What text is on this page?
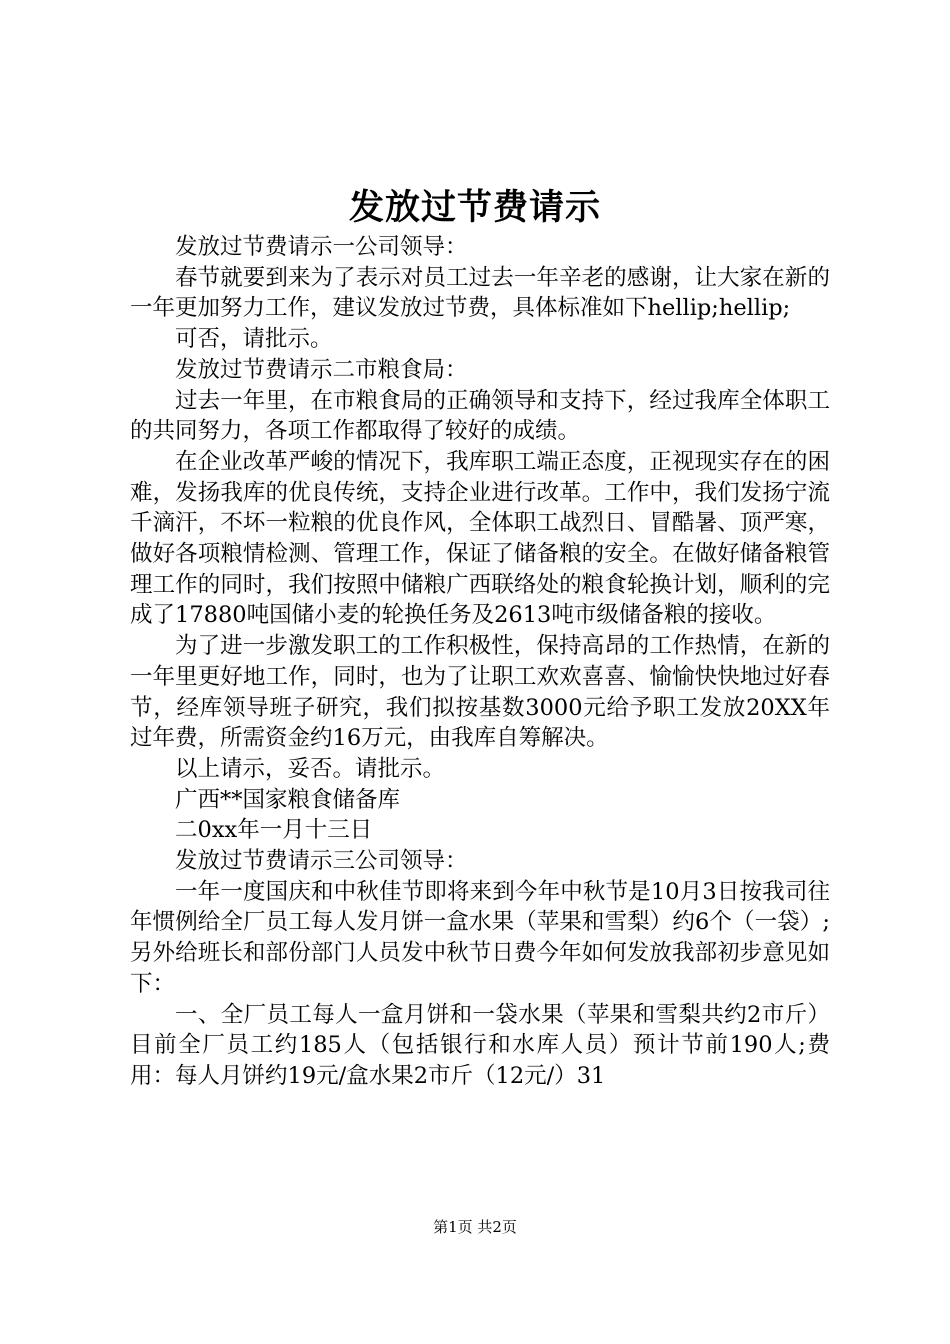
发放过节费请示

发放过节费请示一公司领导：

春节就要到来为了表示对员工过去一年辛老的感谢，让大家在新的一年更加努力工作，建议发放过节费，具体标准如下hellip;hellip;

可否，请批示。

发放过节费请示二市粮食局：

过去一年里，在市粮食局的正确领导和支持下，经过我库全体职工的共同努力，各项工作都取得了较好的成绩。

在企业改革严峻的情况下，我库职工端正态度，正视现实存在的困难，发扬我库的优良传统，支持企业进行改革。工作中，我们发扬宁流千滴汗，不坏一粒粮的优良作风，全体职工战烈日、冒酷暑、顶严寒，做好各项粮情检测、管理工作，保证了储备粮的安全。在做好储备粮管理工作的同时，我们按照中储粮广西联络处的粮食轮换计划，顺利的完成了17880吨国储小麦的轮换任务及2613吨市级储备粮的接收。

为了进一步激发职工的工作积极性，保持高昂的工作热情，在新的一年里更好地工作，同时，也为了让职工欢欢喜喜、愉愉快快地过好春节，经库领导班子研究，我们拟按基数3000元给予职工发放20XX年过年费，所需资金约16万元，由我库自筹解决。

以上请示，妥否。请批示。

广西**国家粮食储备库

二0xx年一月十三日

发放过节费请示三公司领导：

一年一度国庆和中秋佳节即将来到今年中秋节是10月3日按我司往年惯例给全厂员工每人发月饼一盒水果（苹果和雪梨）约6个（一袋）;另外给班长和部份部门人员发中秋节日费今年如何发放我部初步意见如下：

一、全厂员工每人一盒月饼和一袋水果（苹果和雪梨共约2市斤）目前全厂员工约185人（包括银行和水库人员）预计节前190人;费用：每人月饼约19元/盒水果2市斤（12元/）31

第1页 共2页
